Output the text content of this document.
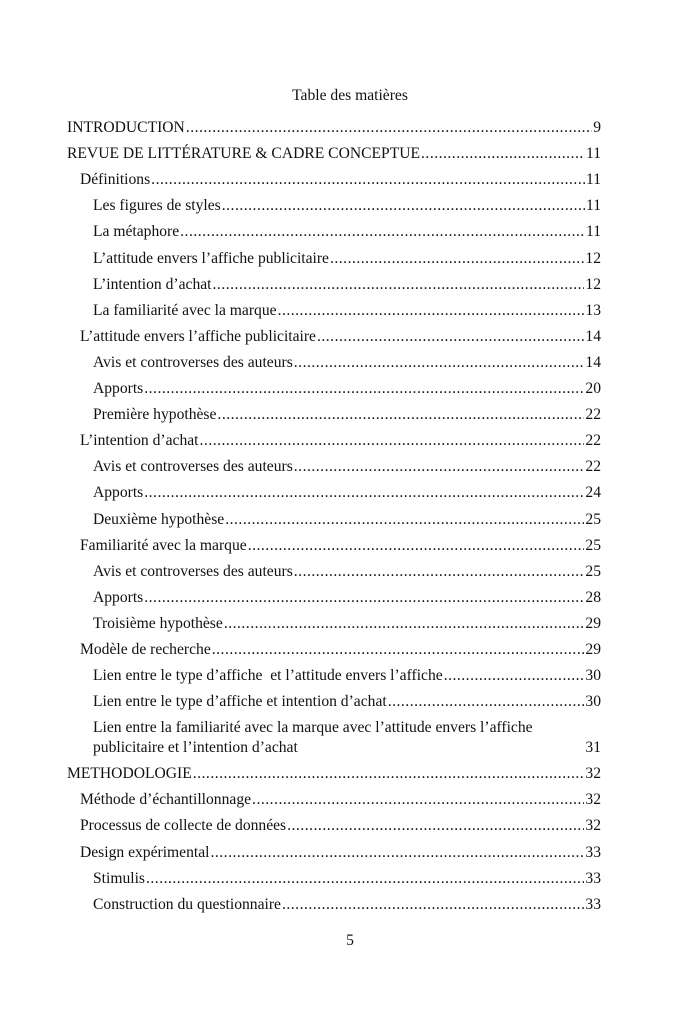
Table des matières
INTRODUCTION .....	9
REVUE DE LITTÉRATURE & CADRE CONCEPTUE .....	11
Définitions .....	11
Les figures de styles .....	11
La métaphore .....	11
L’attitude envers l’affiche publicitaire .....	12
L’intention d’achat .....	12
La familiarité avec la marque .....	13
L’attitude envers l’affiche publicitaire .....	14
Avis et controverses des auteurs .....	14
Apports .....	20
Première hypothèse .....	22
L’intention d’achat .....	22
Avis et controverses des auteurs .....	22
Apports .....	24
Deuxième hypothèse .....	25
Familiarité avec la marque .....	25
Avis et controverses des auteurs .....	25
Apports .....	28
Troisième hypothèse .....	29
Modèle de recherche .....	29
Lien entre le type d’affiche  et l’attitude envers l’affiche .....	30
Lien entre le type d’affiche et intention d’achat .....	30
Lien entre la familiarité avec la marque avec l’attitude envers l’affiche
publicitaire et l’intention d’achat	31
METHODOLOGIE .....	32
Méthode d’échantillonnage .....	32
Processus de collecte de données .....	32
Design expérimental .....	33
Stimulis .....	33
Construction du questionnaire .....	33
5
